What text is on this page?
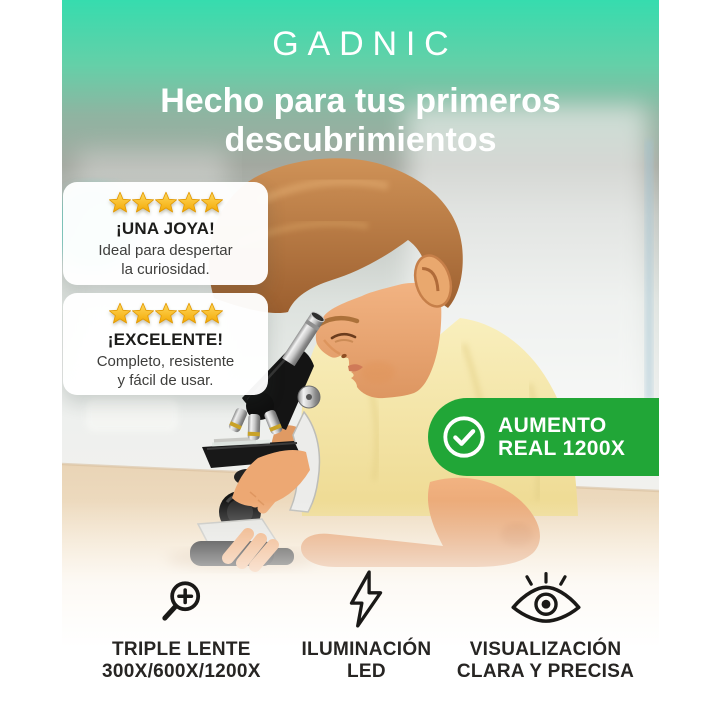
GADNIC
Hecho para tus primeros
descubrimientos
¡UNA JOYA!
Ideal para despertar
la curiosidad.
¡EXCELENTE!
Completo, resistente
y fácil de usar.
AUMENTO
REAL 1200X
TRIPLE LENTE
300X/600X/1200X
ILUMINACIÓN
LED
VISUALIZACIÓN
CLARA Y PRECISA
